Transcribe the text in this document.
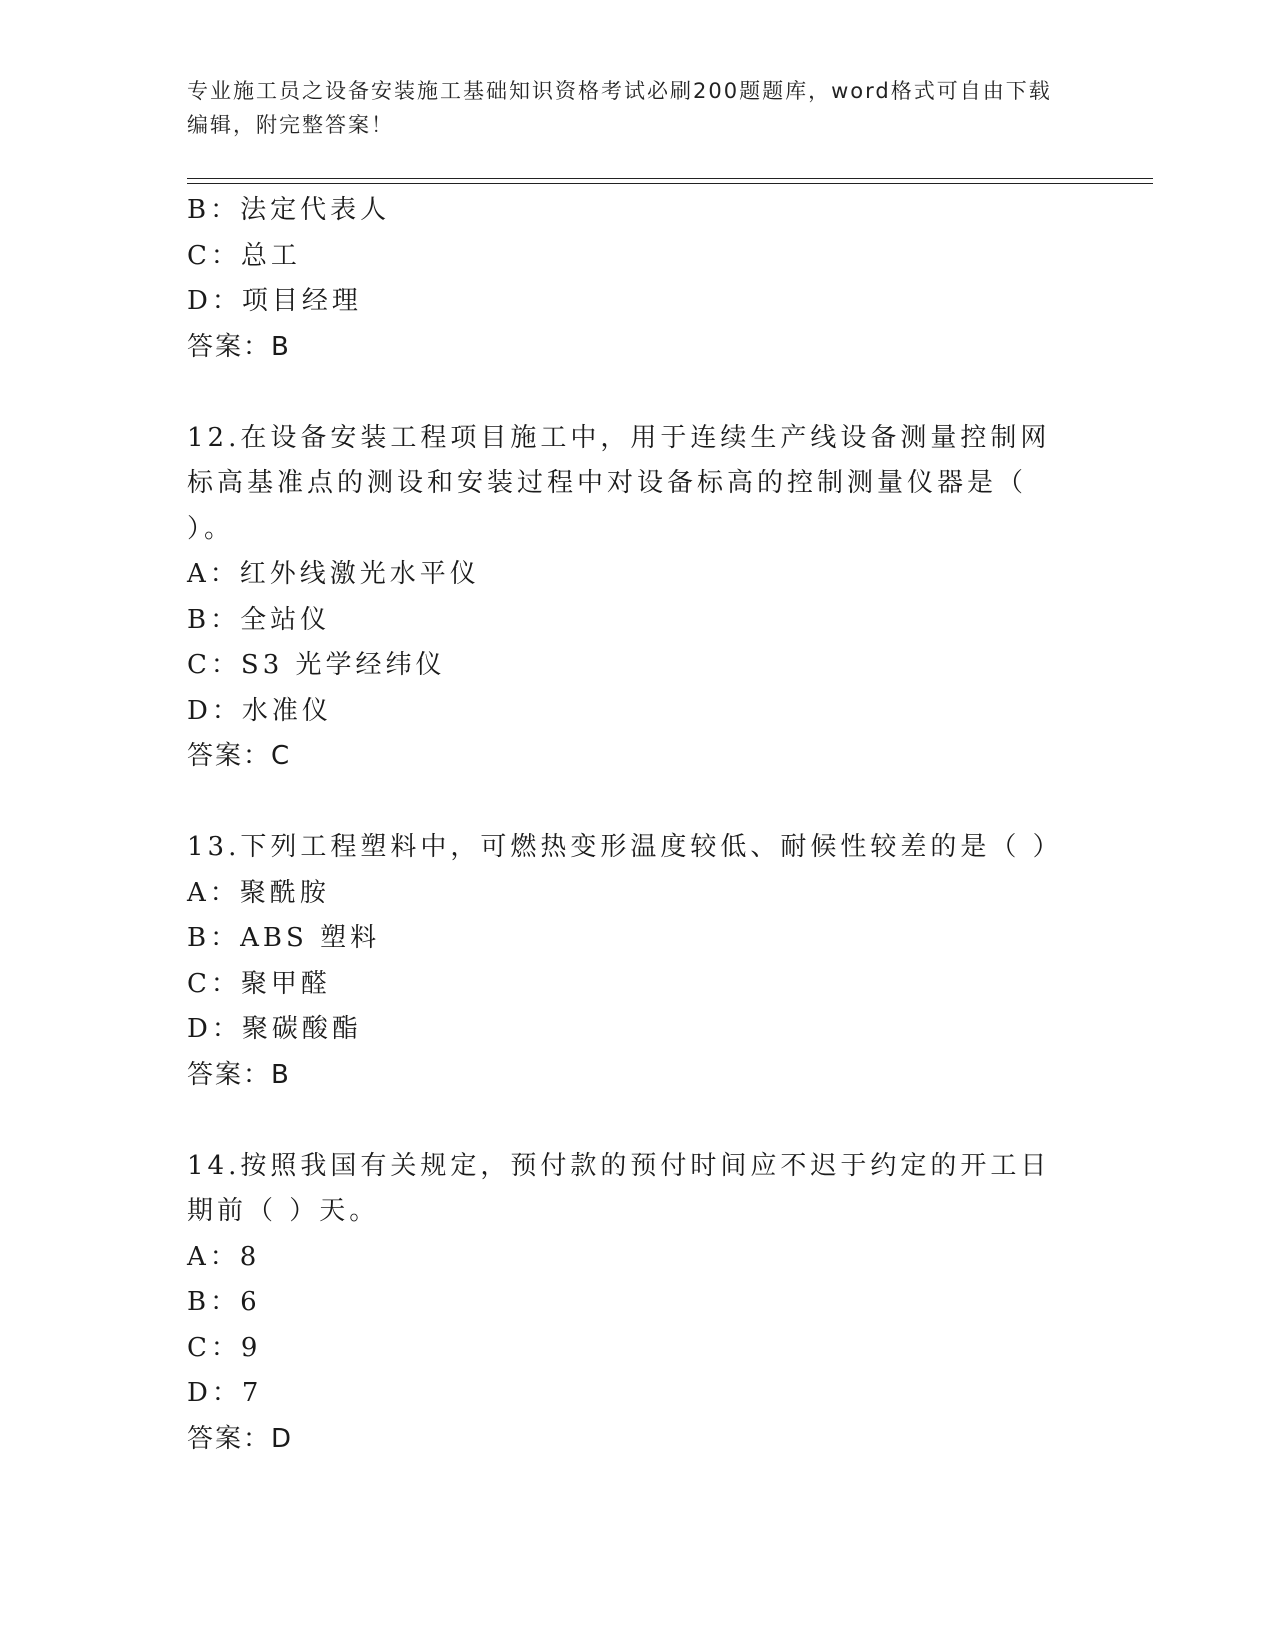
专业施工员之设备安装施工基础知识资格考试必刷200题题库，word格式可自由下载编辑，附完整答案！
B：法定代表人
C：总工
D：项目经理
答案：B
12.在设备安装工程项目施工中，用于连续生产线设备测量控制网标高基准点的测设和安装过程中对设备标高的控制测量仪器是（ ）。
A：红外线激光水平仪
B：全站仪
C：S3 光学经纬仪
D：水准仪
答案：C
13.下列工程塑料中，可燃热变形温度较低、耐候性较差的是（ ）
A：聚酰胺
B：ABS 塑料
C：聚甲醛
D：聚碳酸酯
答案：B
14.按照我国有关规定，预付款的预付时间应不迟于约定的开工日期前（ ）天。
A：8
B：6
C：9
D：7
答案：D
